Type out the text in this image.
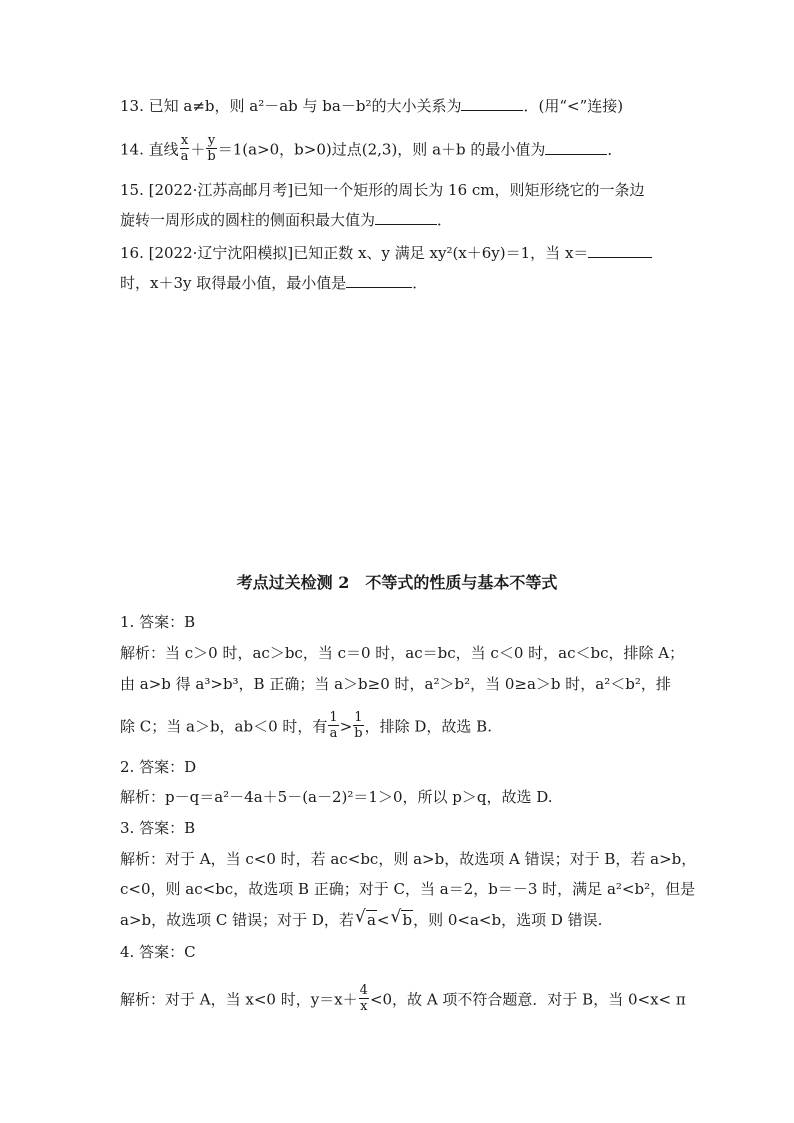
13. 已知 a≠b，则 a²－ab 与 ba－b²的大小关系为	．(用“<”连接)
14. 直线 $\frac{x}{a} + \frac{y}{b} =1(a>0$，b>0)过点(2,3)，则 a＋b 的最小值为	．
15. [2022·江苏高邮月考]已知一个矩形的周长为 16 cm，则矩形绕它的一条边
旋转一周形成的圆柱的侧面积最大值为	．
16. [2022·辽宁沈阳模拟]已知正数 x、y 满足 xy²(x＋6y)＝1，当 x＝
时，x＋3y 取得最小值，最小值是	．
考点过关检测 2　不等式的性质与基本不等式
1. 答案：B
解析：当 c＞0 时，ac＞bc，当 c＝0 时，ac＝bc，当 c＜0 时，ac＜bc，排除 A；
由 a>b 得 a³>b³，B 正确；当 a＞b≥0 时，a²＞b²，当 0≥a＞b 时，a²＜b²，排
除 C；当 a＞b，ab＜0 时，有 $\frac{1}{a} > \frac{1}{b}$ ，排除 D，故选 B.
2. 答案：D
解析：p－q＝a²－4a＋5－(a－2)²＝1＞0，所以 p＞q，故选 D.
3. 答案：B
解析：对于 A，当 c<0 时，若 ac<bc，则 a>b，故选项 A 错误；对于 B，若 a>b，
c<0，则 ac<bc，故选项 B 正确；对于 C，当 a＝2，b＝－3 时，满足 a²<b²，但是
a>b，故选项 C 错误；对于 D，若 √ a< √ b，则 0<a<b，选项 D 错误.
4. 答案：C
解析：对于 A，当 x<0 时，$y=x+ \frac{4}{x} <0$，故 A 项不符合题意．对于 B，当 0<x< π
